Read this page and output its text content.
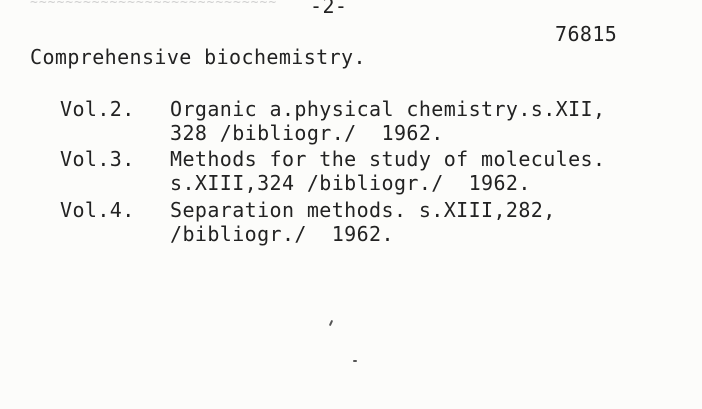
~~~~~~~~~~~~~~~~~~~~~~~~~~~~	-2-
76815
Comprehensive biochemistry.
Vol.2. Organic a.physical chemistry.s.XII,
328 /bibliogr./  1962.
Vol.3. Methods for the study of molecules.
s.XIII,324 /bibliogr./  1962.
Vol.4. Separation methods. s.XIII,282,
/bibliogr./  1962.
